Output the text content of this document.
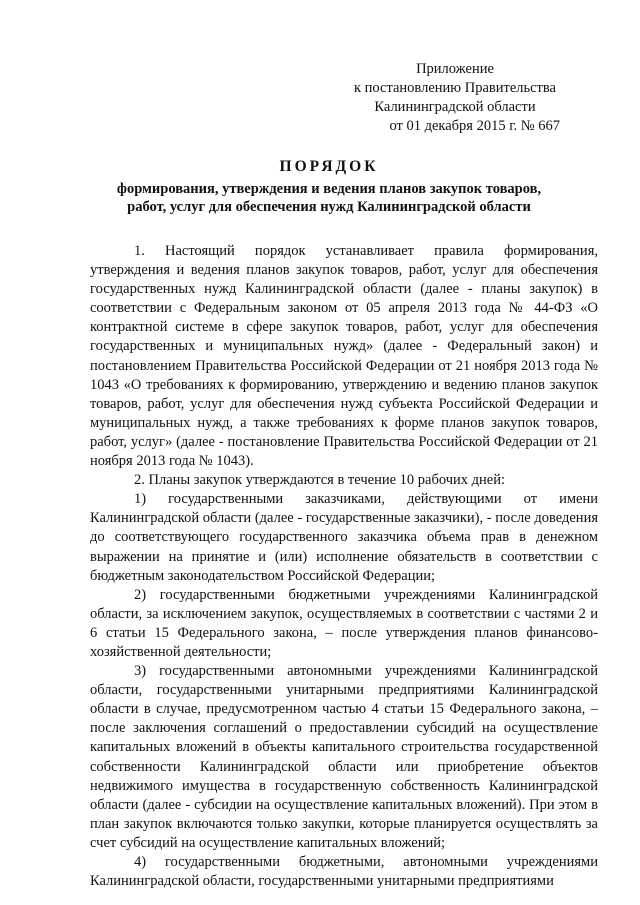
Приложение
к постановлению Правительства
Калининградской области
от 01 декабря 2015 г. № 667
ПОРЯДОК
формирования, утверждения и ведения планов закупок товаров,
работ, услуг для обеспечения нужд Калининградской области

1. Настоящий порядок устанавливает правила формирования, утверждения и ведения планов закупок товаров, работ, услуг для обеспечения государственных нужд Калининградской области (далее - планы закупок) в соответствии с Федеральным законом от 05 апреля 2013 года № 44-ФЗ «О контрактной системе в сфере закупок товаров, работ, услуг для обеспечения государственных и муниципальных нужд» (далее - Федеральный закон) и постановлением Правительства Российской Федерации от 21 ноября 2013 года № 1043 «О требованиях к формированию, утверждению и ведению планов закупок товаров, работ, услуг для обеспечения нужд субъекта Российской Федерации и муниципальных нужд, а также требованиях к форме планов закупок товаров, работ, услуг» (далее - постановление Правительства Российской Федерации от 21 ноября 2013 года № 1043).

2. Планы закупок утверждаются в течение 10 рабочих дней:

1) государственными заказчиками, действующими от имени Калининградской области (далее - государственные заказчики), - после доведения до соответствующего государственного заказчика объема прав в денежном выражении на принятие и (или) исполнение обязательств в соответствии с бюджетным законодательством Российской Федерации;

2) государственными бюджетными учреждениями Калининградской области, за исключением закупок, осуществляемых в соответствии с частями 2 и 6 статьи 15 Федерального закона, – после утверждения планов финансово-хозяйственной деятельности;

3) государственными автономными учреждениями Калининградской области, государственными унитарными предприятиями Калининградской области в случае, предусмотренном частью 4 статьи 15 Федерального закона, – после заключения соглашений о предоставлении субсидий на осуществление капитальных вложений в объекты капитального строительства государственной собственности Калининградской области или приобретение объектов недвижимого имущества в государственную собственность Калининградской области (далее - субсидии на осуществление капитальных вложений). При этом в план закупок включаются только закупки, которые планируется осуществлять за счет субсидий на осуществление капитальных вложений;

4) государственными бюджетными, автономными учреждениями Калининградской области, государственными унитарными предприятиями
